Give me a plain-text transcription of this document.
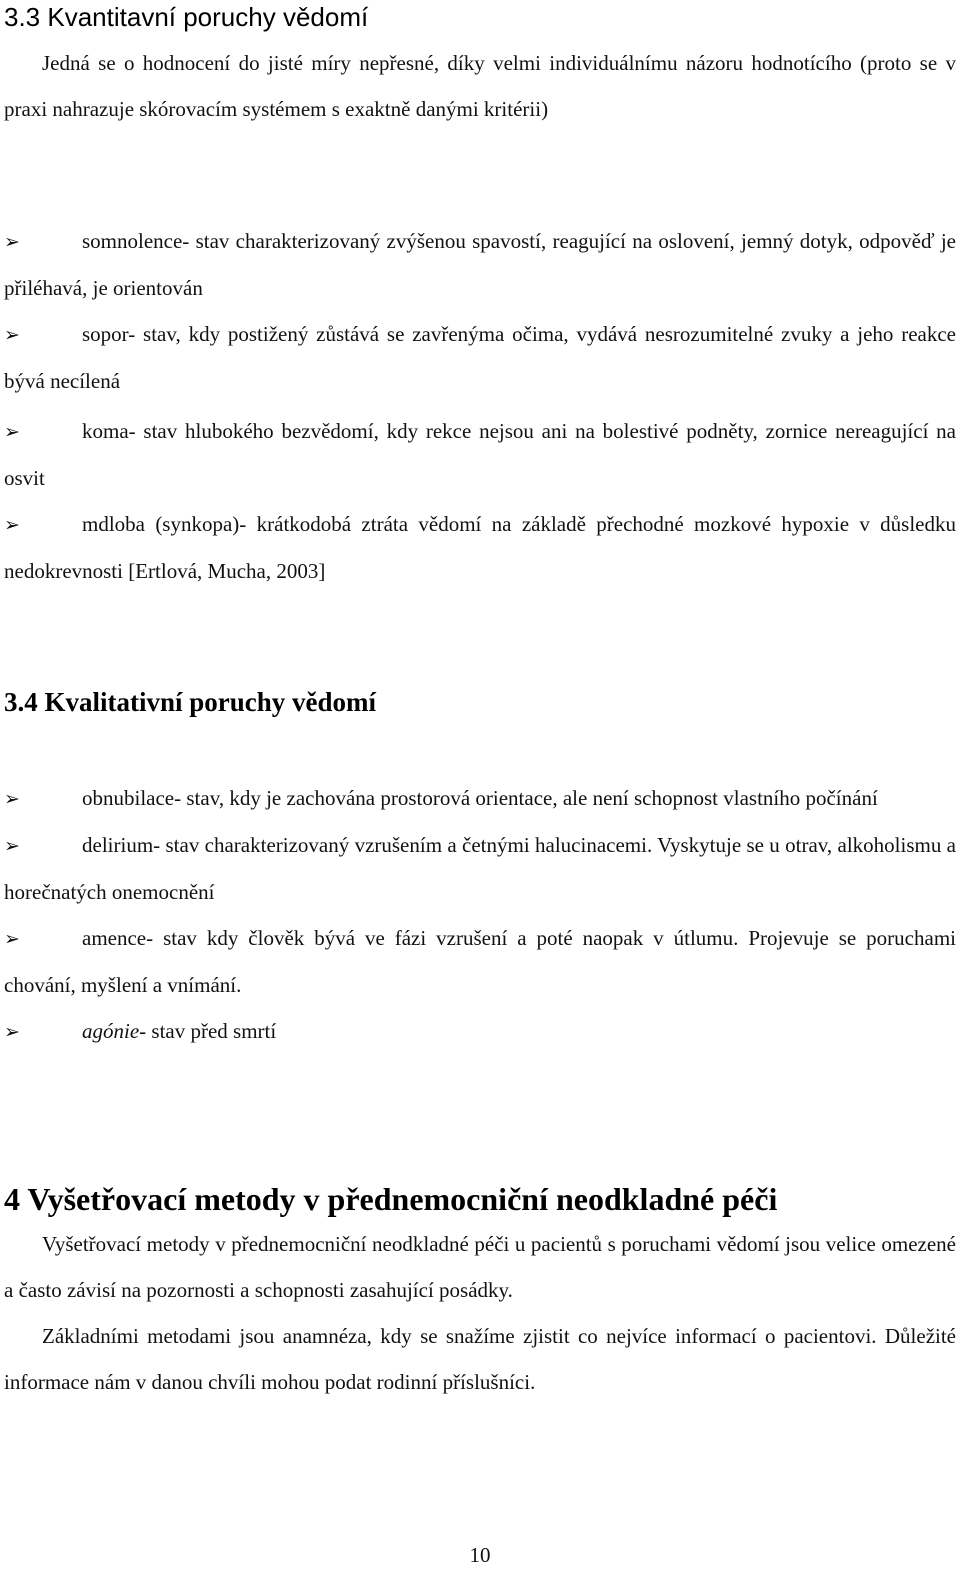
3.3 Kvantitavní poruchy vědomí

Jedná se o hodnocení do jisté míry nepřesné, díky velmi individuálnímu názoru hodnotícího (proto se v praxi nahrazuje skórovacím systémem s exaktně danými kritérii)

➢	somnolence- stav charakterizovaný zvýšenou spavostí, reagující na oslovení, jemný dotyk, odpověď je přiléhavá, je orientován

➢	sopor- stav, kdy postižený zůstává se zavřenýma očima, vydává nesrozumitelné zvuky a jeho reakce bývá necílená

➢	koma- stav hlubokého bezvědomí, kdy rekce nejsou ani na bolestivé podněty, zornice nereagující na osvit

➢	mdloba (synkopa)- krátkodobá ztráta vědomí na základě přechodné mozkové hypoxie v důsledku nedokrevnosti [Ertlová, Mucha, 2003]

3.4 Kvalitativní poruchy vědomí

➢	obnubilace- stav, kdy je zachována prostorová orientace, ale není schopnost vlastního počínání

➢	delirium- stav charakterizovaný vzrušením a četnými halucinacemi. Vyskytuje se u otrav, alkoholismu a horečnatých onemocnění

➢	amence- stav kdy člověk bývá ve fázi vzrušení a poté naopak v útlumu. Projevuje se poruchami chování, myšlení a vnímání.

➢	agónie- stav před smrtí

4 Vyšetřovací metody v přednemocniční neodkladné péči

Vyšetřovací metody v přednemocniční neodkladné péči u pacientů s poruchami vědomí jsou velice omezené a často závisí na pozornosti a schopnosti zasahující posádky.

Základními metodami jsou anamnéza, kdy se snažíme zjistit co nejvíce informací o pacientovi. Důležité informace nám v danou chvíli mohou podat rodinní příslušníci.

10
